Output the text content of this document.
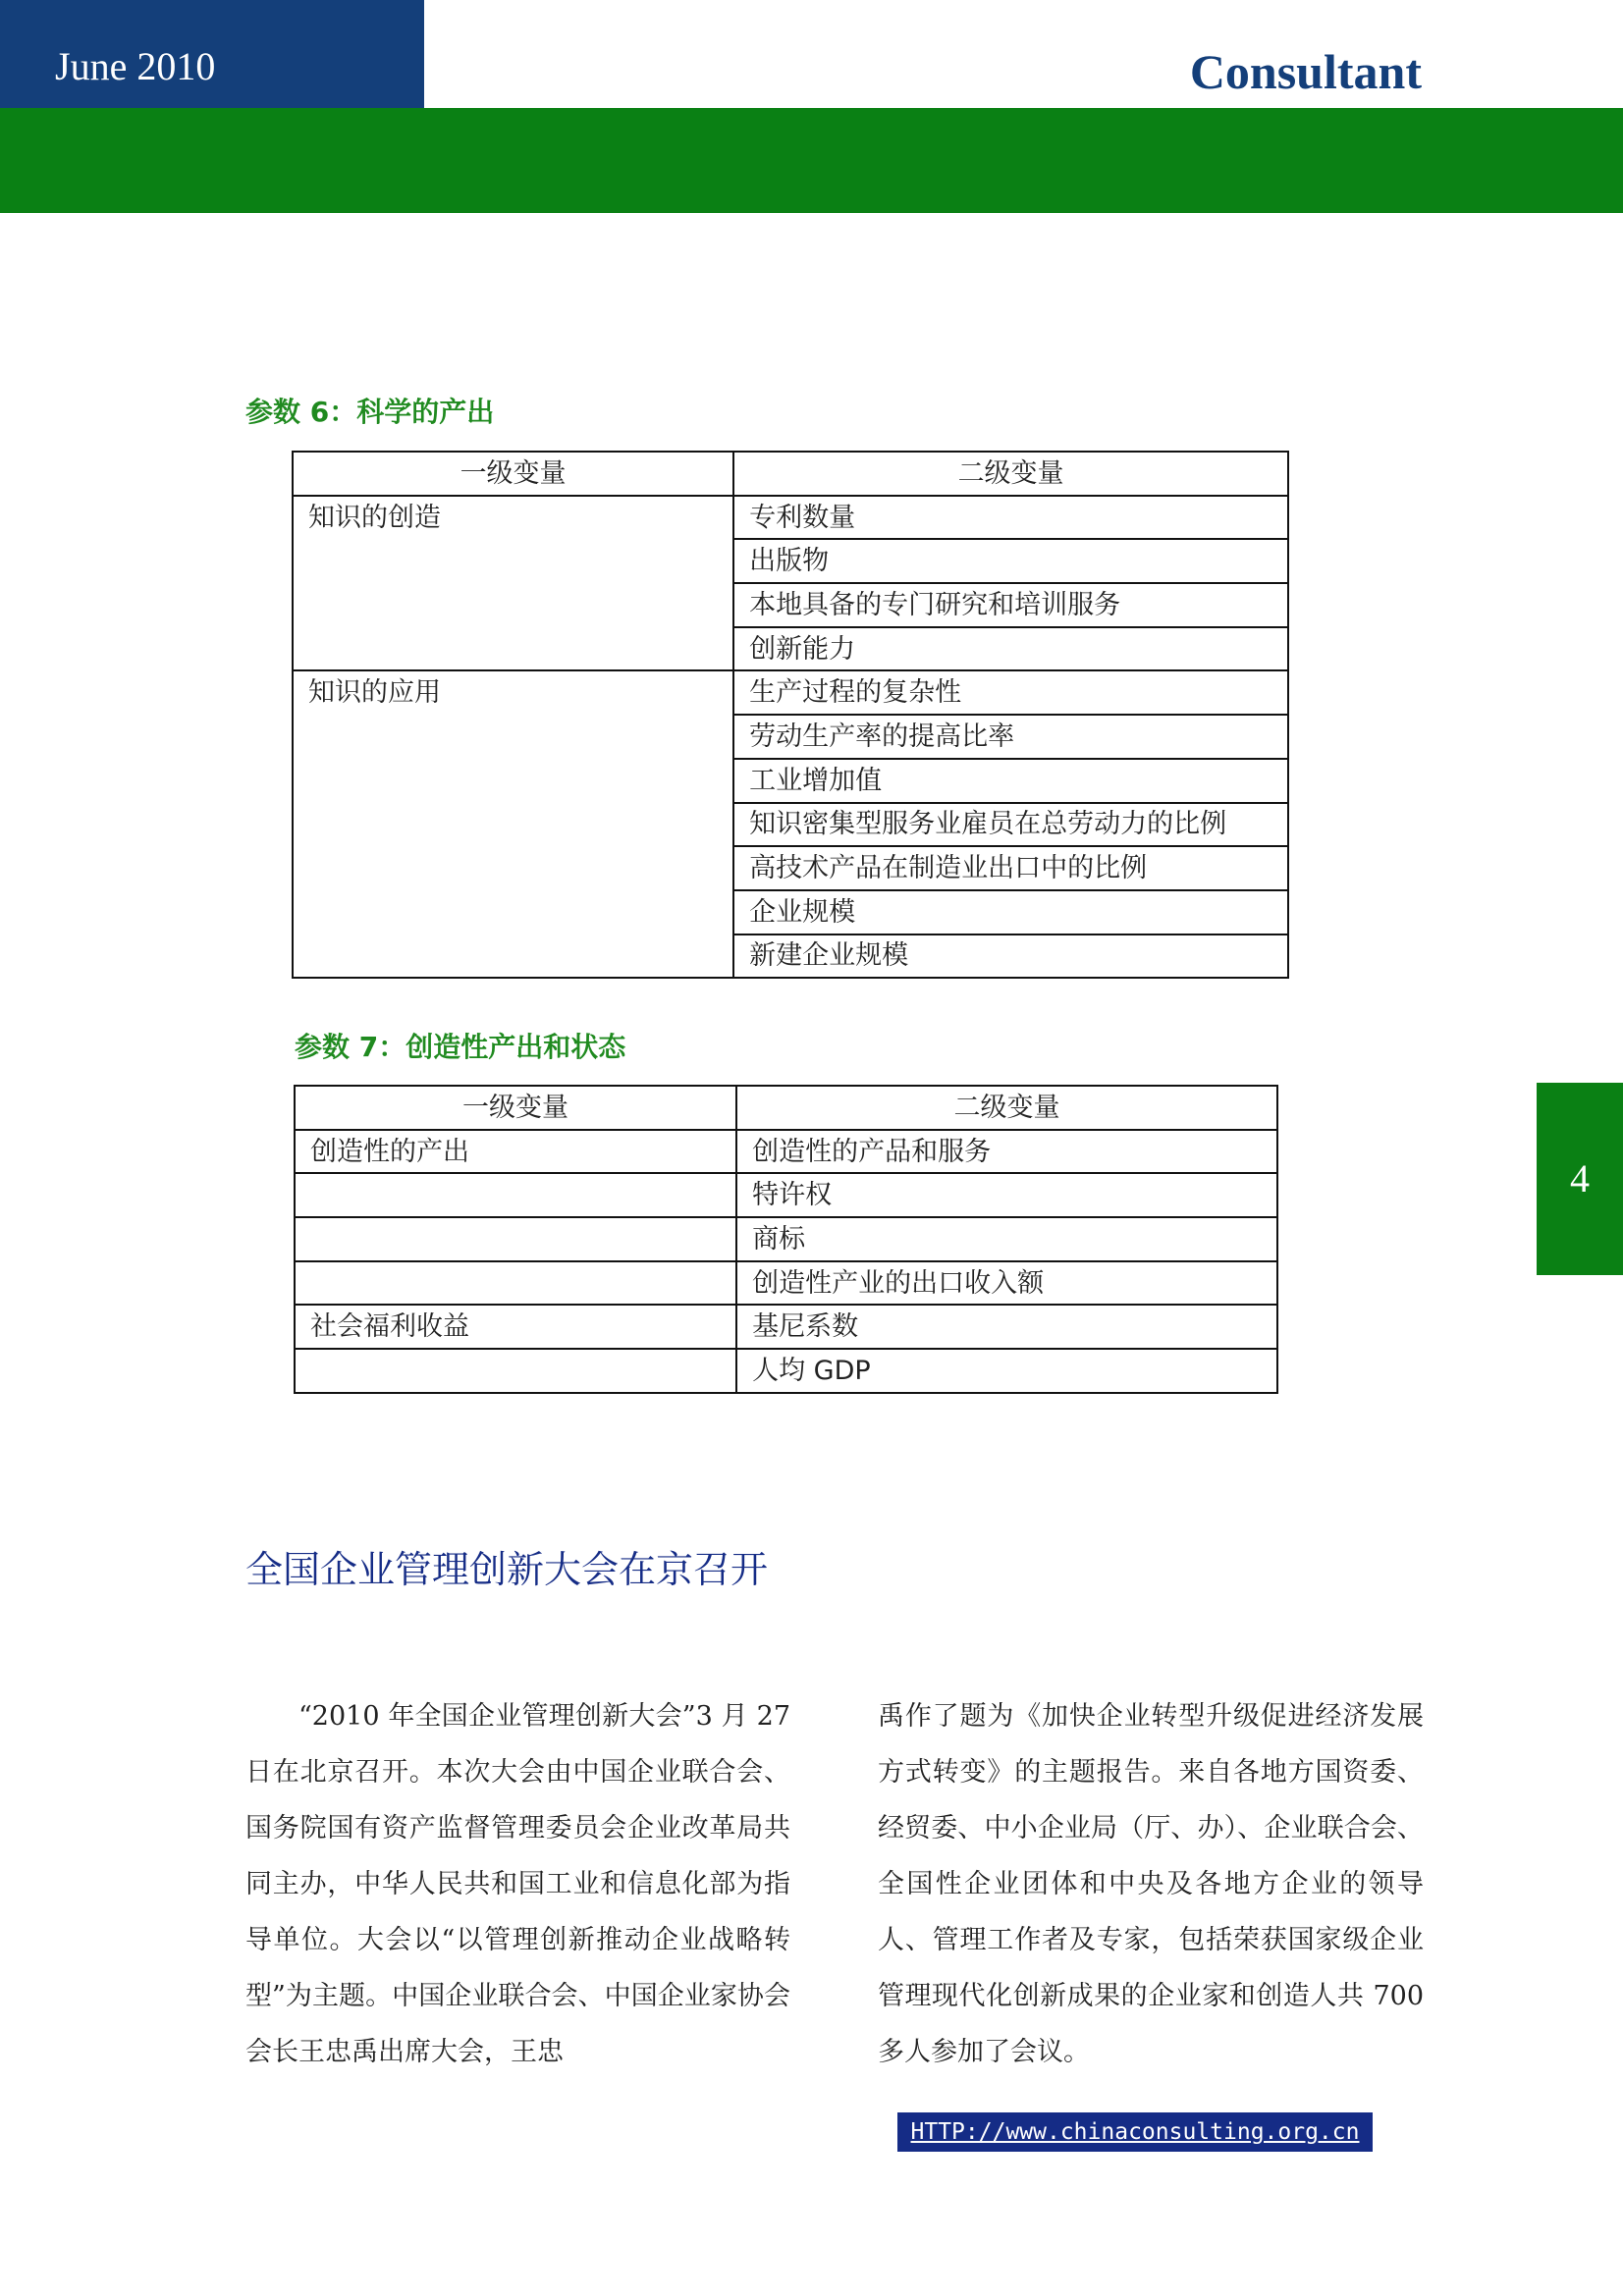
June 2010	Consultant
参数 6：科学的产出
一级变量	二级变量
知识的创造	专利数量
	出版物
	本地具备的专门研究和培训服务
	创新能力
知识的应用	生产过程的复杂性
	劳动生产率的提高比率
	工业增加值
	知识密集型服务业雇员在总劳动力的比例
	高技术产品在制造业出口中的比例
	企业规模
	新建企业规模
参数 7：创造性产出和状态
一级变量	二级变量
创造性的产出	创造性的产品和服务
	特许权
	商标
	创造性产业的出口收入额
社会福利收益	基尼系数
	人均 GDP
4
全国企业管理创新大会在京召开
“2010 年全国企业管理创新大会”3 月 27 日在北京召开。本次大会由中国企业联合会、国务院国有资产监督管理委员会企业改革局共同主办，中华人民共和国工业和信息化部为指导单位。大会以“以管理创新推动企业战略转型”为主题。中国企业联合会、中国企业家协会会长王忠禹出席大会，王忠
禹作了题为《加快企业转型升级促进经济发展方式转变》的主题报告。来自各地方国资委、经贸委、中小企业局（厅、办）、企业联合会、全国性企业团体和中央及各地方企业的领导人、管理工作者及专家，包括荣获国家级企业管理现代化创新成果的企业家和创造人共 700 多人参加了会议。
HTTP://www.chinaconsulting.org.cn
